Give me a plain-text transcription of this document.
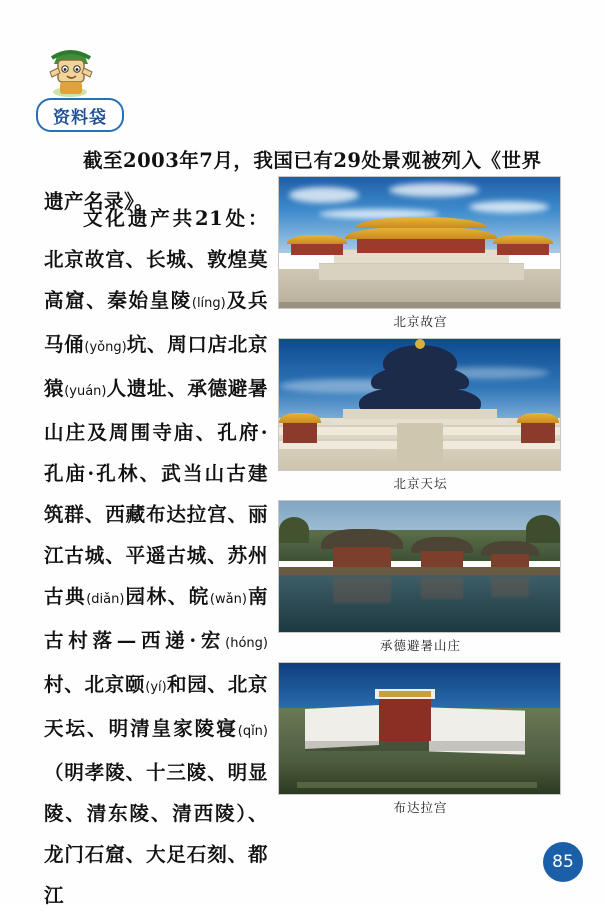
资料袋
截至2003年7月，我国已有29处景观被列入《世界遗产名录》。
文化遗产共21处：北京故宫、长城、敦煌莫高窟、秦始皇陵(líng)及兵马俑(yǒng)坑、周口店北京猿(yuán)人遗址、承德避暑山庄及周围寺庙、孔府·孔庙·孔林、武当山古建筑群、西藏布达拉宫、丽江古城、平遥古城、苏州古典(diǎn)园林、皖(wǎn)南古村落—西递·宏(hóng)村、北京颐(yí)和园、北京天坛、明清皇家陵寝(qǐn)（明孝陵、十三陵、明显陵、清东陵、清西陵）、龙门石窟、大足石刻、都江
北京故宫
北京天坛
承德避暑山庄
布达拉宫
85
